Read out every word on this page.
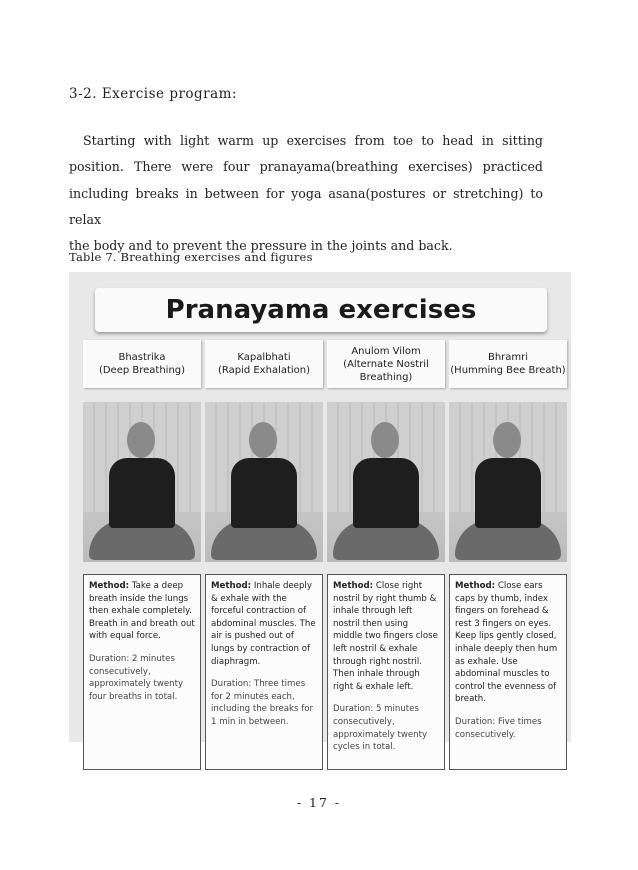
3-2. Exercise program:

Starting with light warm up exercises from toe to head in sitting

position. There were four pranayama(breathing exercises) practiced

including breaks in between for yoga asana(postures or stretching) to relax

the body and to prevent the pressure in the joints and back.

Table 7. Breathing exercises and figures
Pranayama exercises
Bhastrika
(Deep Breathing)
Method: Take a deep breath inside the lungs then exhale completely. Breath in and breath out with equal force.
Duration: 2 minutes consecutively, approximately twenty four breaths in total.
Kapalbhati
(Rapid Exhalation)
Method: Inhale deeply & exhale with the forceful contraction of abdominal muscles. The air is pushed out of lungs by contraction of diaphragm.
Duration: Three times for 2 minutes each, including the breaks for 1 min in between.
Anulom Vilom
(Alternate Nostril Breathing)
Method: Close right nostril by right thumb & inhale through left nostril then using middle two fingers close left nostril & exhale through right nostril. Then inhale through right & exhale left.
Duration: 5 minutes consecutively, approximately twenty cycles in total.
Bhramri
(Humming Bee Breath)
Method: Close ears caps by thumb, index fingers on forehead & rest 3 fingers on eyes. Keep lips gently closed, inhale deeply then hum as exhale. Use abdominal muscles to control the evenness of breath.
Duration: Five times consecutively.
- 17 -
